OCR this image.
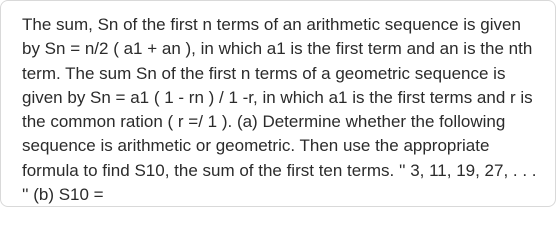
The sum, Sn of the first n terms of an arithmetic sequence is given by Sn = n/2 ( a1 + an ), in which a1 is the first term and an is the nth term. The sum Sn of the first n terms of a geometric sequence is given by Sn = a1 ( 1 - rn ) / 1 -r, in which a1 is the first terms and r is the common ration ( r =/ 1 ). (a) Determine whether the following sequence is arithmetic or geometric. Then use the appropriate formula to find S10, the sum of the first ten terms. '' 3, 11, 19, 27, . . . '' (b) S10 =
